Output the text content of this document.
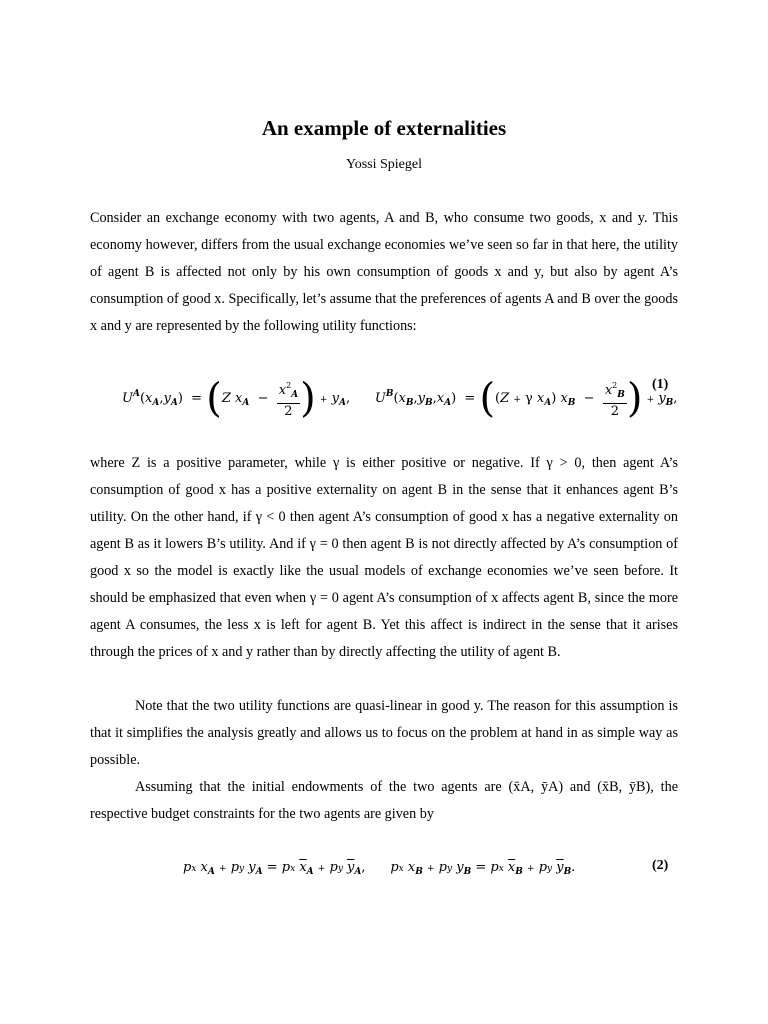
An example of externalities

Yossi Spiegel

Consider an exchange economy with two agents, A and B, who consume two goods, x and y. This economy however, differs from the usual exchange economies we’ve seen so far in that here, the utility of agent B is affected not only by his own consumption of goods x and y, but also by agent A’s consumption of good x. Specifically, let’s assume that the preferences of agents A and B over the goods x and y are represented by the following utility functions:

$U^A(x_A,y_A) = (Z$ $x_A - \frac{x^2_A}{2}$ ) + $y_A$,      $U^B(x_B,y_B,x_A) = ((Z + \gamma$ $x_A$) $x_B - \frac{x^2_B}{2}$ ) + $y_B$,
(1)

where Z is a positive parameter, while γ is either positive or negative. If γ > 0, then agent A’s consumption of good x has a positive externality on agent B in the sense that it enhances agent B’s utility. On the other hand, if γ < 0 then agent A’s consumption of good x has a negative externality on agent B as it lowers B’s utility. And if γ = 0 then agent B is not directly affected by A’s consumption of good x so the model is exactly like the usual models of exchange economies we’ve seen before. It should be emphasized that even when γ = 0 agent A’s consumption of x affects agent B, since the more agent A consumes, the less x is left for agent B. Yet this affect is indirect in the sense that it arises through the prices of x and y rather than by directly affecting the utility of agent B.

Note that the two utility functions are quasi-linear in good y. The reason for this assumption is that it simplifies the analysis greatly and allows us to focus on the problem at hand in as simple way as possible.

Assuming that the initial endowments of the two agents are (x̄A, ȳA) and (x̄B, ȳB), the respective budget constraints for the two agents are given by

px $x_A$ + py $y_A$ = px $\overline{x}_A$ + py $\overline{y}_A$,      px $x_B$ + py $y_B$ = px $\overline{x}_B$ + py $\overline{y}_B$.	(2)
